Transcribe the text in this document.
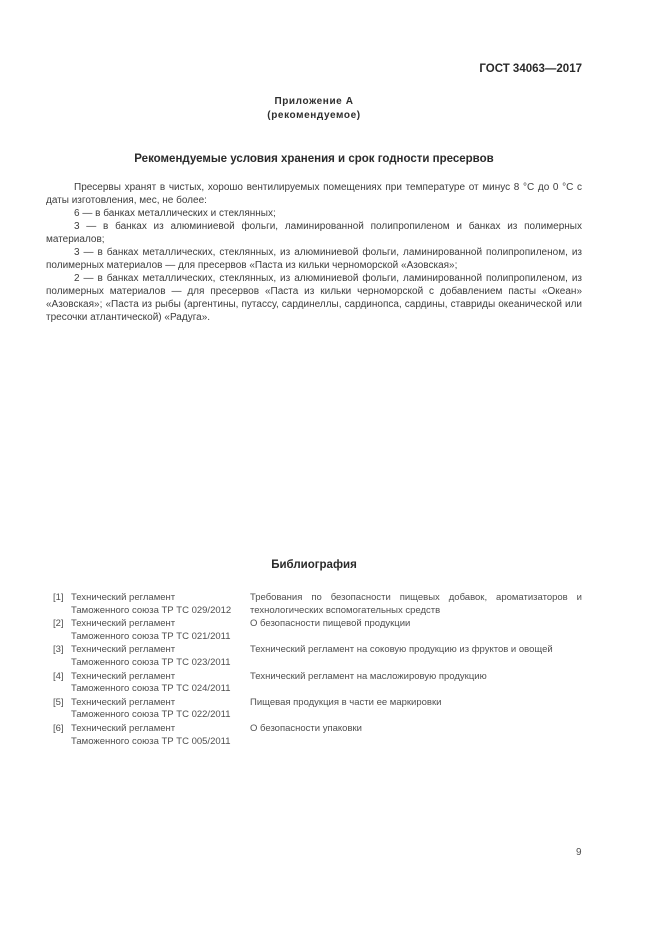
ГОСТ 34063—2017
Приложение А
(рекомендуемое)
Рекомендуемые условия хранения и срок годности пресервов

Пресервы хранят в чистых, хорошо вентилируемых помещениях при температуре от минус 8 °С до 0 °С с даты изготовления, мес, не более:

6 — в банках металлических и стеклянных;

3 — в банках из алюминиевой фольги, ламинированной полипропиленом и банках из полимерных материалов;

3 — в банках металлических, стеклянных, из алюминиевой фольги, ламинированной полипропиленом, из полимерных материалов — для пресервов «Паста из кильки черноморской «Азовская»;

2 — в банках металлических, стеклянных, из алюминиевой фольги, ламинированной полипропиленом, из полимерных материалов — для пресервов «Паста из кильки черноморской с добавлением пасты «Океан» «Азовская»; «Паста из рыбы (аргентины, путассу, сардинеллы, сардинопса, сардины, ставриды океанической или тресочки атлантической) «Радуга».

Библиография
[1] Технический регламент
Таможенного союза ТР ТС 029/2012
Требования по безопасности пищевых добавок, ароматизаторов и технологических вспомогательных средств
[2] Технический регламент
Таможенного союза ТР ТС 021/2011
О безопасности пищевой продукции
[3] Технический регламент
Таможенного союза ТР ТС 023/2011
Технический регламент на соковую продукцию из фруктов и овощей
[4] Технический регламент
Таможенного союза ТР ТС 024/2011
Технический регламент на масложировую продукцию
[5] Технический регламент
Таможенного союза ТР ТС 022/2011
Пищевая продукция в части ее маркировки
[6] Технический регламент
Таможенного союза ТР ТС 005/2011
О безопасности упаковки
9
